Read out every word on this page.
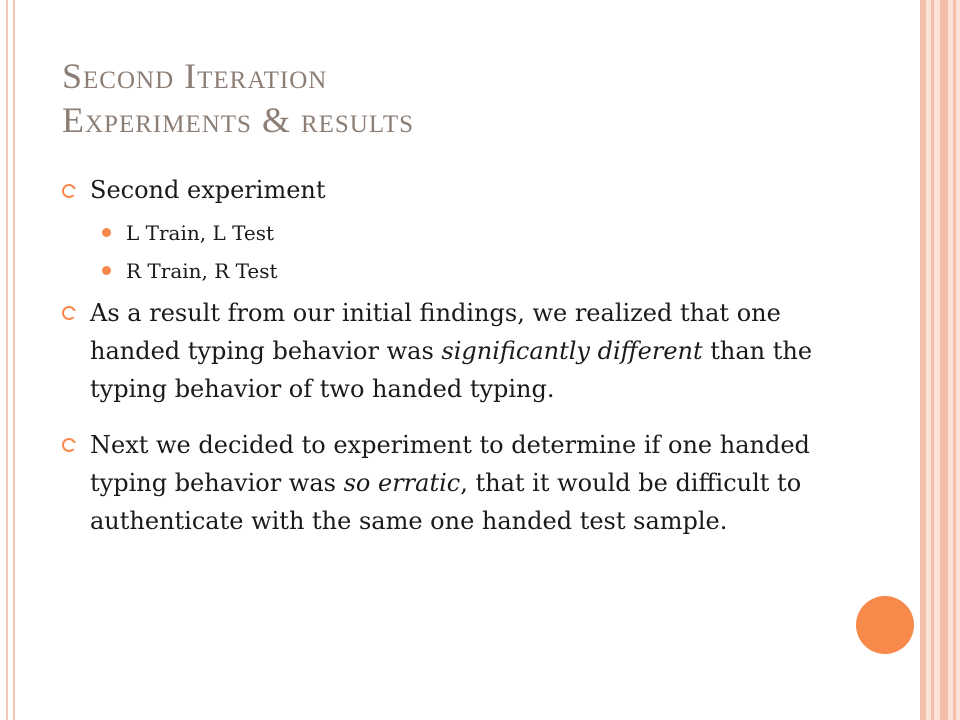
Second Iteration
Experiments & results
Second experiment
L Train, L Test
R Train, R Test
As a result from our initial findings, we realized that one handed typing behavior was significantly different than the typing behavior of two handed typing.
Next we decided to experiment to determine if one handed typing behavior was so erratic, that it would be difficult to authenticate with the same one handed test sample.
